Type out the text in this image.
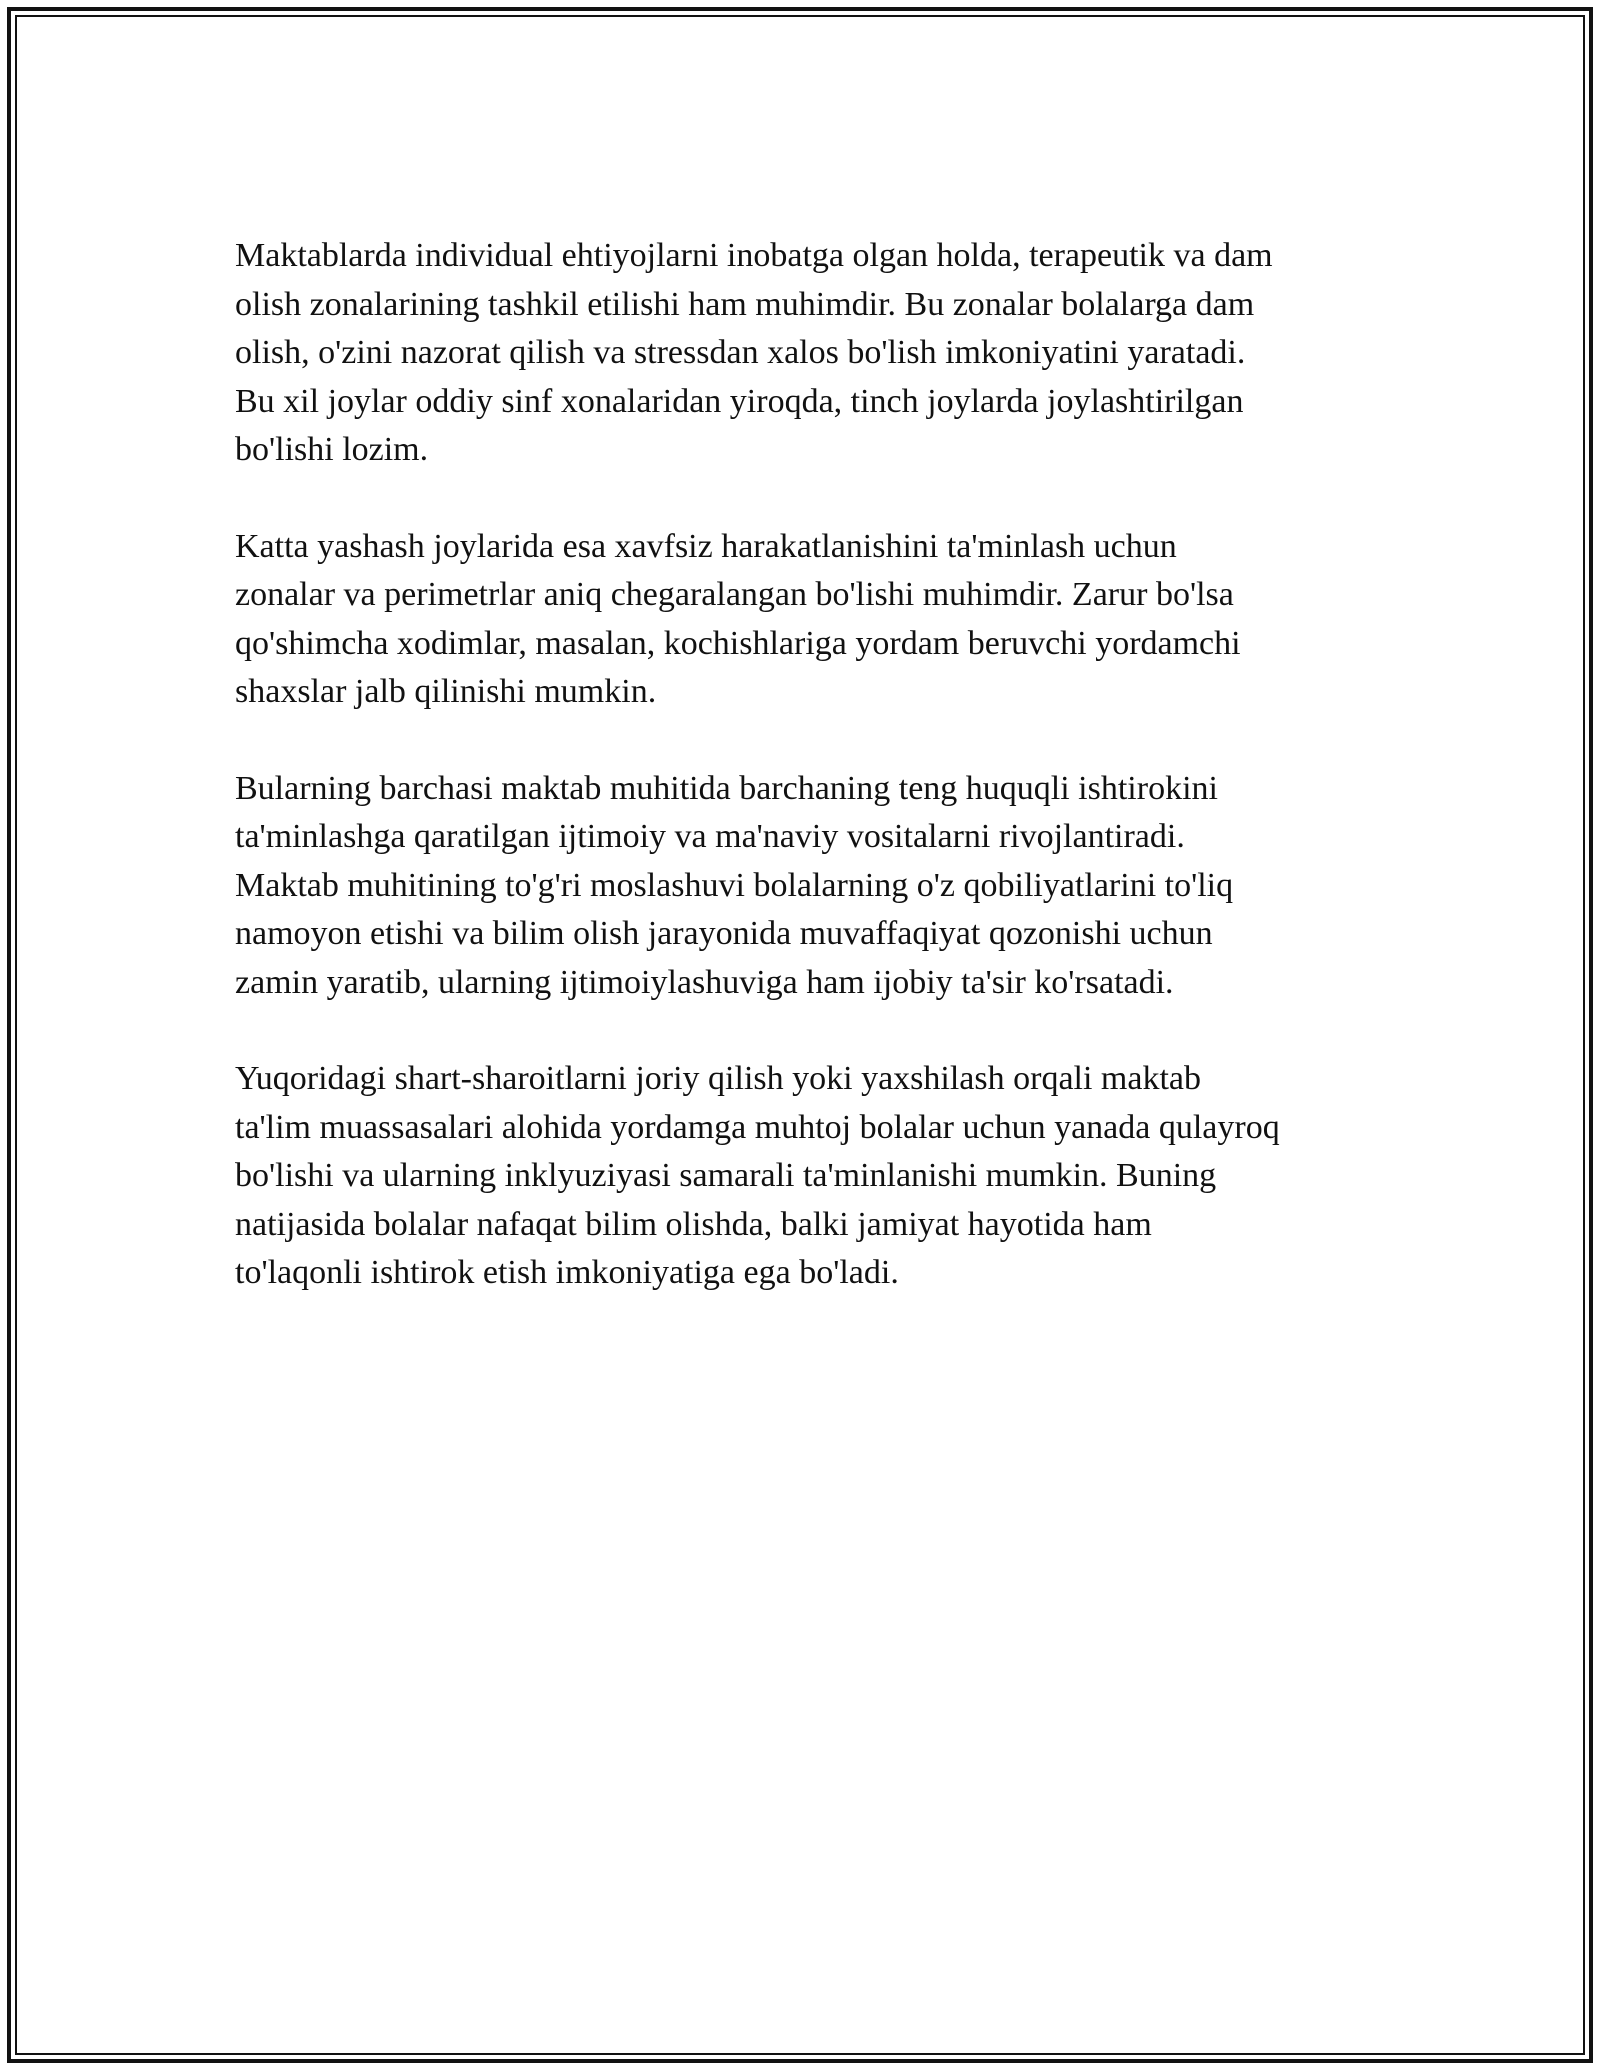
Maktablarda individual ehtiyojlarni inobatga olgan holda, terapeutik va dam
olish zonalarining tashkil etilishi ham muhimdir. Bu zonalar bolalarga dam
olish, o'zini nazorat qilish va stressdan xalos bo'lish imkoniyatini yaratadi.
Bu xil joylar oddiy sinf xonalaridan yiroqda, tinch joylarda joylashtirilgan
bo'lishi lozim.

Katta yashash joylarida esa xavfsiz harakatlanishini ta'minlash uchun
zonalar va perimetrlar aniq chegaralangan bo'lishi muhimdir. Zarur bo'lsa
qo'shimcha xodimlar, masalan, kochishlariga yordam beruvchi yordamchi
shaxslar jalb qilinishi mumkin.

Bularning barchasi maktab muhitida barchaning teng huquqli ishtirokini
ta'minlashga qaratilgan ijtimoiy va ma'naviy vositalarni rivojlantiradi.
Maktab muhitining to'g'ri moslashuvi bolalarning o'z qobiliyatlarini to'liq
namoyon etishi va bilim olish jarayonida muvaffaqiyat qozonishi uchun
zamin yaratib, ularning ijtimoiylashuviga ham ijobiy ta'sir ko'rsatadi.

Yuqoridagi shart-sharoitlarni joriy qilish yoki yaxshilash orqali maktab
ta'lim muassasalari alohida yordamga muhtoj bolalar uchun yanada qulayroq
bo'lishi va ularning inklyuziyasi samarali ta'minlanishi mumkin. Buning
natijasida bolalar nafaqat bilim olishda, balki jamiyat hayotida ham
to'laqonli ishtirok etish imkoniyatiga ega bo'ladi.
